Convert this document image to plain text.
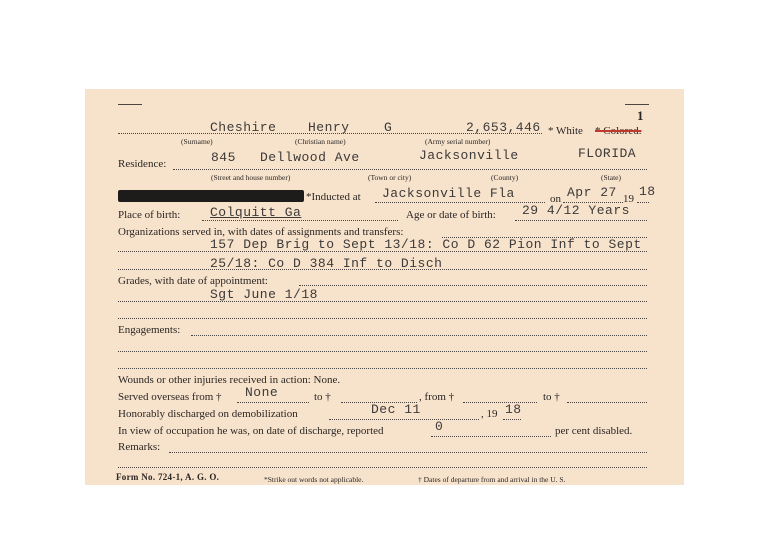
1
Cheshire Henry	G	2,653,446 * White * Colored.
(Surname)	(Christian name)	(Army serial number)
Residence:	845 Dellwood Ave	Jacksonville	FLORIDA
(Street and house number)	(Town or city)	(County)	(State)
*Inducted at Jacksonville Fla	on Apr 27 19 18
Place of birth: Colquitt Ga	Age or date of birth: 29 4/12 Years
Organizations served in, with dates of assignments and transfers:
157 Dep Brig to Sept 13/18: Co D 62 Pion Inf to Sept
25/18: Co D 384 Inf to Disch
Grades, with date of appointment:
Sgt June 1/18
Engagements:
Wounds or other injuries received in action: None.
Served overseas from † None	to †	, from †	to †
Honorably discharged on demobilization	Dec 11	, 19 18
In view of occupation he was, on date of discharge, reported	0	per cent disabled.
Remarks:
Form No. 724-1, A. G. O.	*Strike out words not applicable.	† Dates of departure from and arrival in the U. S.
